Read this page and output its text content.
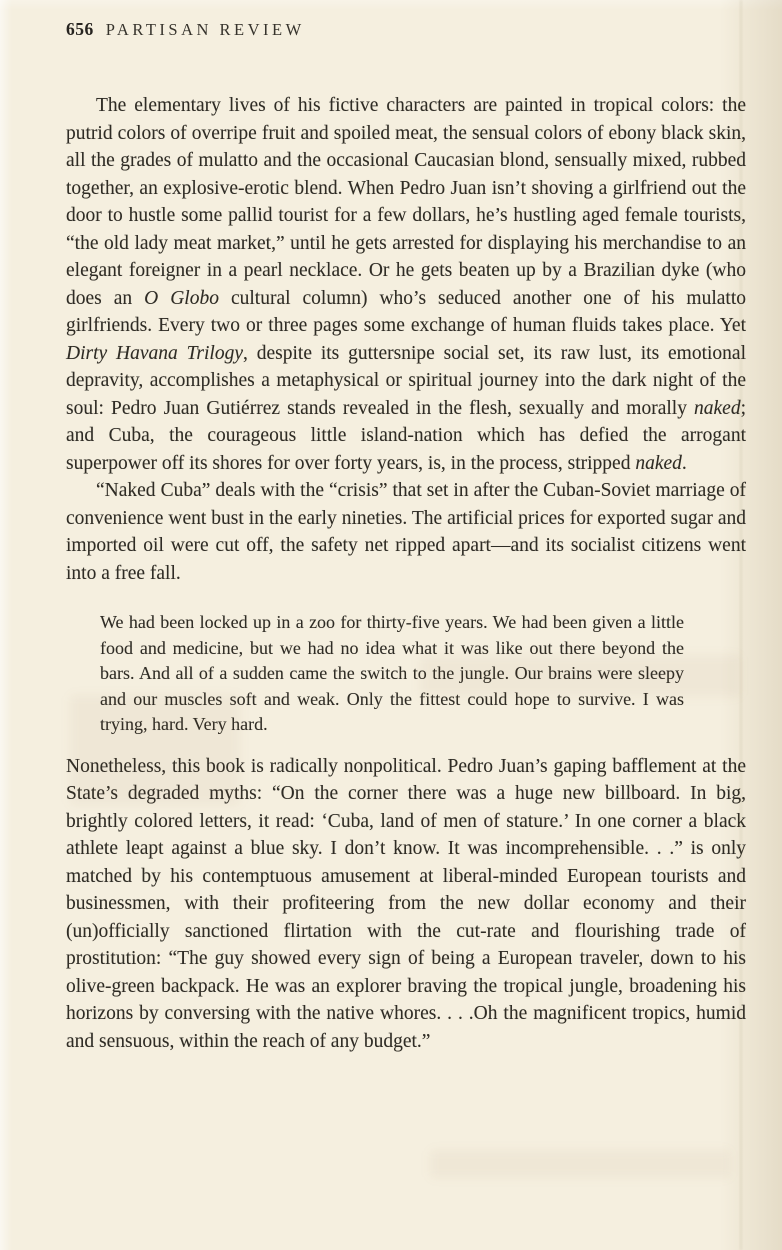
656 PARTISAN REVIEW

The elementary lives of his fictive characters are painted in tropical colors: the putrid colors of overripe fruit and spoiled meat, the sensual colors of ebony black skin, all the grades of mulatto and the occasional Caucasian blond, sensually mixed, rubbed together, an explosive-erotic blend. When Pedro Juan isn’t shoving a girlfriend out the door to hustle some pallid tourist for a few dollars, he’s hustling aged female tourists, “the old lady meat market,” until he gets arrested for displaying his merchandise to an elegant foreigner in a pearl necklace. Or he gets beaten up by a Brazilian dyke (who does an O Globo cultural column) who’s seduced another one of his mulatto girlfriends. Every two or three pages some exchange of human fluids takes place. Yet Dirty Havana Trilogy, despite its guttersnipe social set, its raw lust, its emotional depravity, accomplishes a metaphysical or spiritual journey into the dark night of the soul: Pedro Juan Gutiérrez stands revealed in the flesh, sexually and morally naked; and Cuba, the courageous little island-nation which has defied the arrogant superpower off its shores for over forty years, is, in the process, stripped naked.

“Naked Cuba” deals with the “crisis” that set in after the Cuban-Soviet marriage of convenience went bust in the early nineties. The artificial prices for exported sugar and imported oil were cut off, the safety net ripped apart—and its socialist citizens went into a free fall.

We had been locked up in a zoo for thirty-five years. We had been given a little food and medicine, but we had no idea what it was like out there beyond the bars. And all of a sudden came the switch to the jungle. Our brains were sleepy and our muscles soft and weak. Only the fittest could hope to survive. I was trying, hard. Very hard.

Nonetheless, this book is radically nonpolitical. Pedro Juan’s gaping bafflement at the State’s degraded myths: “On the corner there was a huge new billboard. In big, brightly colored letters, it read: ‘Cuba, land of men of stature.’ In one corner a black athlete leapt against a blue sky. I don’t know. It was incomprehensible. . .” is only matched by his contemptuous amusement at liberal-minded European tourists and businessmen, with their profiteering from the new dollar economy and their (un)officially sanctioned flirtation with the cut-rate and flourishing trade of prostitution: “The guy showed every sign of being a European traveler, down to his olive-green backpack. He was an explorer braving the tropical jungle, broadening his horizons by conversing with the native whores. . . .Oh the magnificent tropics, humid and sensuous, within the reach of any budget.”
